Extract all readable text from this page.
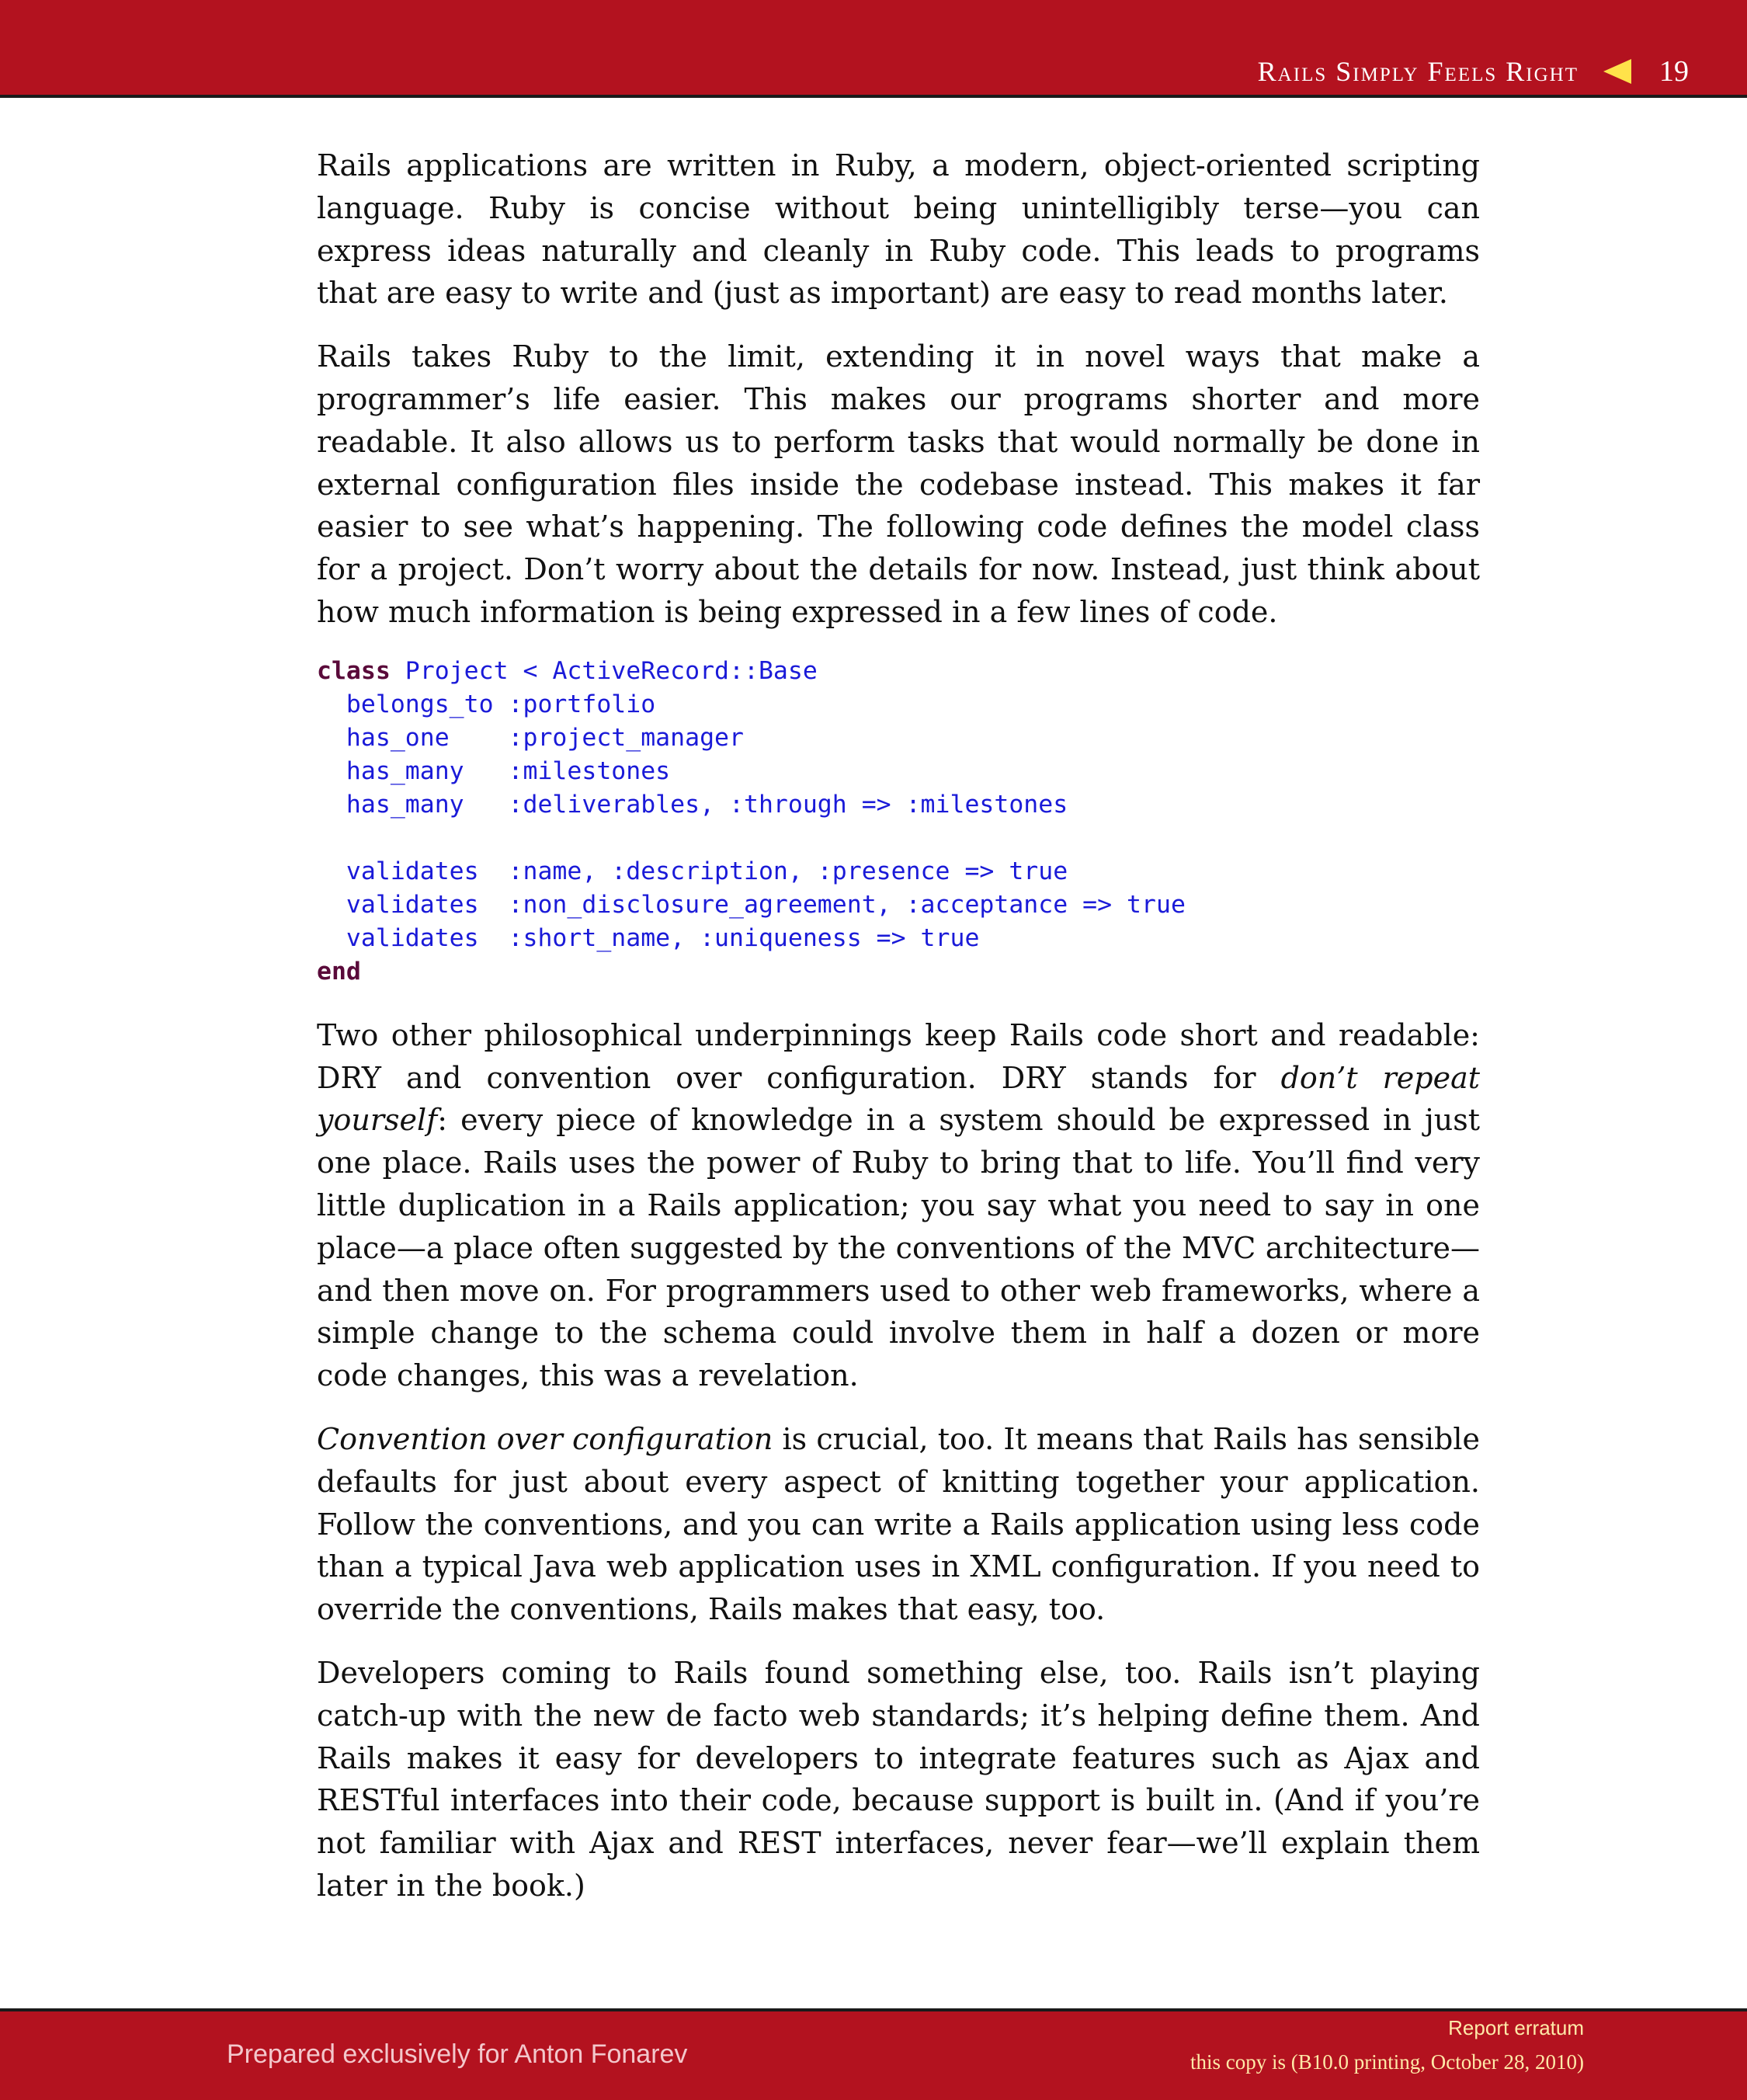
Rails Simply Feels Right	19

Rails applications are written in Ruby, a modern, object-oriented scripting language. Ruby is concise without being unintelligibly terse—you can express ideas naturally and cleanly in Ruby code. This leads to programs that are easy to write and (just as important) are easy to read months later.

Rails takes Ruby to the limit, extending it in novel ways that make a programmer’s life easier. This makes our programs shorter and more readable. It also allows us to perform tasks that would normally be done in external configuration files inside the codebase instead. This makes it far easier to see what’s happening. The following code defines the model class for a project. Don’t worry about the details for now. Instead, just think about how much information is being expressed in a few lines of code.

class Project < ActiveRecord::Base
belongs_to :portfolio
has_one    :project_manager
has_many   :milestones
has_many   :deliverables, :through => :milestones

validates  :name, :description, :presence => true
validates  :non_disclosure_agreement, :acceptance => true
validates  :short_name, :uniqueness => true
end

Two other philosophical underpinnings keep Rails code short and readable: DRY and convention over configuration. DRY stands for don’t repeat yourself: every piece of knowledge in a system should be expressed in just one place. Rails uses the power of Ruby to bring that to life. You’ll find very little duplication in a Rails application; you say what you need to say in one place—a place often suggested by the conventions of the MVC architecture—and then move on. For programmers used to other web frameworks, where a simple change to the schema could involve them in half a dozen or more code changes, this was a revelation.

Convention over configuration is crucial, too. It means that Rails has sensible defaults for just about every aspect of knitting together your application. Follow the conventions, and you can write a Rails application using less code than a typical Java web application uses in XML configuration. If you need to override the conventions, Rails makes that easy, too.

Developers coming to Rails found something else, too. Rails isn’t playing catch-up with the new de facto web standards; it’s helping define them. And Rails makes it easy for developers to integrate features such as Ajax and RESTful interfaces into their code, because support is built in. (And if you’re not familiar with Ajax and REST interfaces, never fear—we’ll explain them later in the book.)

Prepared exclusively for Anton Fonarev
Report erratum
this copy is (B10.0 printing, October 28, 2010)
